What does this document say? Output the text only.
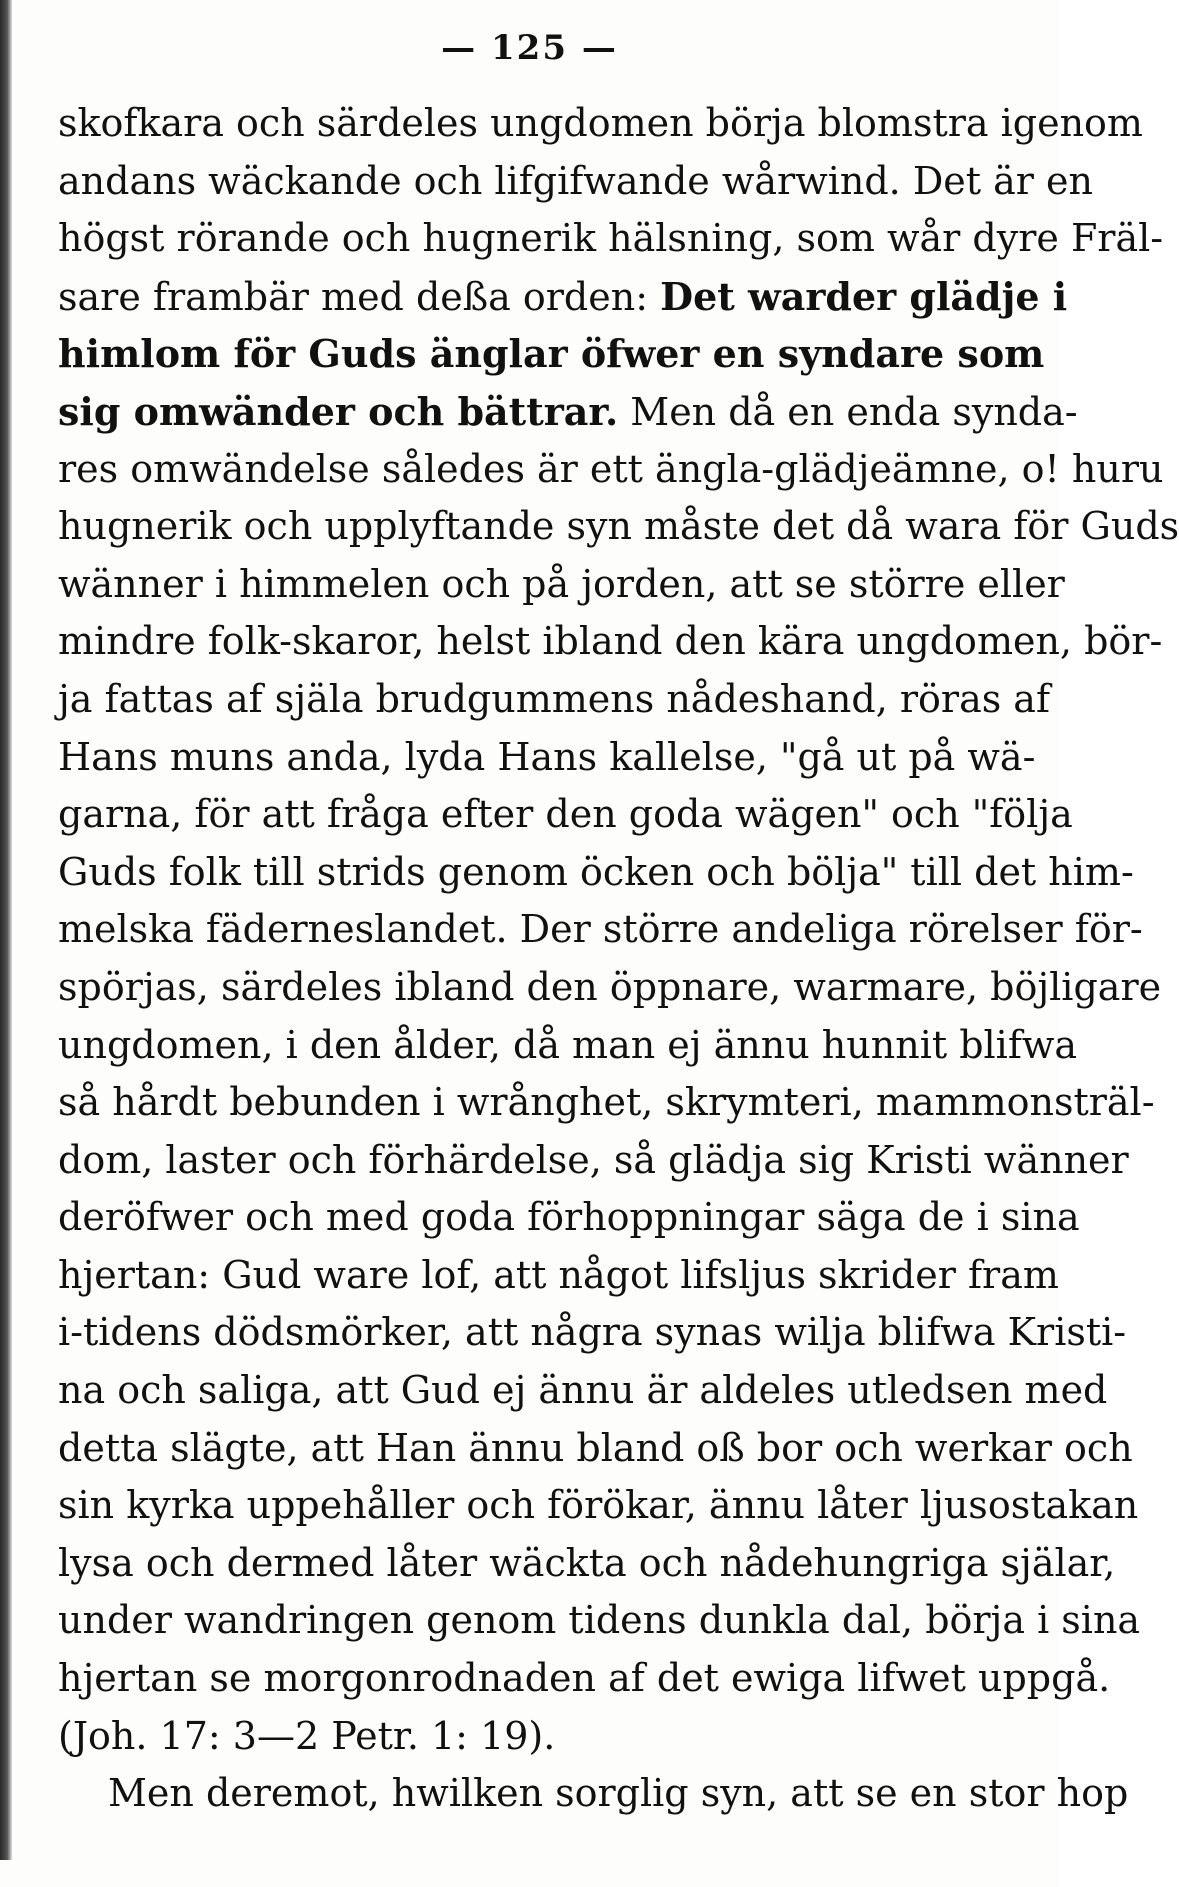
— 125 —
skofkara och särdeles ungdomen börja blomstra igenom
andans wäckande och lifgifwande wårwind. Det är en
högst rörande och hugnerik hälsning, som wår dyre Fräl-
sare frambär med deßa orden: Det warder glädje i
himlom för Guds änglar öfwer en syndare som
sig omwänder och bättrar. Men då en enda synda-
res omwändelse således är ett ängla-glädjeämne, o! huru
hugnerik och upplyftande syn måste det då wara för Guds
wänner i himmelen och på jorden, att se större eller
mindre folk-skaror, helst ibland den kära ungdomen, bör-
ja fattas af själa brudgummens nådeshand, röras af
Hans muns anda, lyda Hans kallelse, "gå ut på wä-
garna, för att fråga efter den goda wägen" och "följa
Guds folk till strids genom öcken och bölja" till det him-
melska fäderneslandet. Der större andeliga rörelser för-
spörjas, särdeles ibland den öppnare, warmare, böjligare
ungdomen, i den ålder, då man ej ännu hunnit blifwa
så hårdt bebunden i wrånghet, skrymteri, mammonsträl-
dom, laster och förhärdelse, så glädja sig Kristi wänner
deröfwer och med goda förhoppningar säga de i sina
hjertan: Gud ware lof, att något lifsljus skrider fram
i-tidens dödsmörker, att några synas wilja blifwa Kristi-
na och saliga, att Gud ej ännu är aldeles utledsen med
detta slägte, att Han ännu bland oß bor och werkar och
sin kyrka uppehåller och förökar, ännu låter ljusostakan
lysa och dermed låter wäckta och nådehungriga själar,
under wandringen genom tidens dunkla dal, börja i sina
hjertan se morgonrodnaden af det ewiga lifwet uppgå.
(Joh. 17: 3—2 Petr. 1: 19).
Men deremot, hwilken sorglig syn, att se en stor hop
